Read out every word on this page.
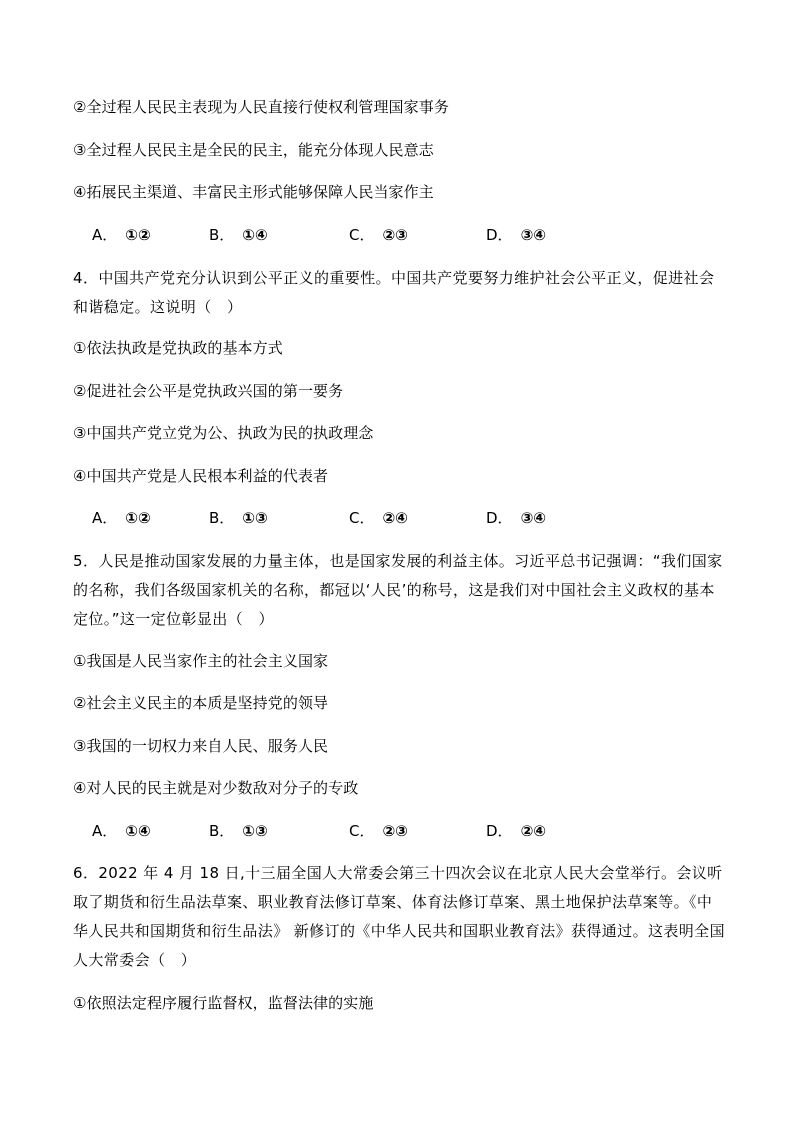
②全过程人民民主表现为人民直接行使权利管理国家事务
③全过程人民民主是全民的民主，能充分体现人民意志
④拓展民主渠道、丰富民主形式能够保障人民当家作主
A． ①②	B． ①④	C． ②③	D． ③④
4．中国共产党充分认识到公平正义的重要性。中国共产党要努力维护社会公平正义，促进社会和谐稳定。这说明（　）
①依法执政是党执政的基本方式
②促进社会公平是党执政兴国的第一要务
③中国共产党立党为公、执政为民的执政理念
④中国共产党是人民根本利益的代表者
A． ①②	B． ①③	C． ②④	D． ③④
5．人民是推动国家发展的力量主体，也是国家发展的利益主体。习近平总书记强调：“我们国家的名称，我们各级国家机关的名称，都冠以‘人民’的称号，这是我们对中国社会主义政权的基本定位。”这一定位彰显出（　）
①我国是人民当家作主的社会主义国家
②社会主义民主的本质是坚持党的领导
③我国的一切权力来自人民、服务人民
④对人民的民主就是对少数敌对分子的专政
A． ①④	B． ①③	C． ②③	D． ②④
6．2022 年 4 月 18 日,十三届全国人大常委会第三十四次会议在北京人民大会堂举行。会议听取了期货和衍生品法草案、职业教育法修订草案、体育法修订草案、黑土地保护法草案等。《中华人民共和国期货和衍生品法》 新修订的《中华人民共和国职业教育法》获得通过。这表明全国人大常委会（　）
①依照法定程序履行监督权，监督法律的实施
